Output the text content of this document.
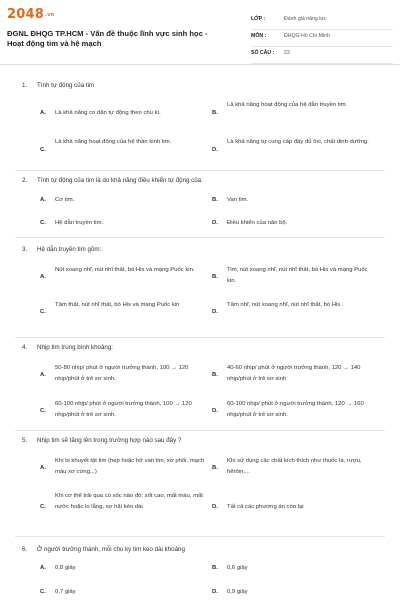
2048.vn
ĐGNL ĐHQG TP.HCM - Vấn đề thuộc lĩnh vực sinh học - Hoạt động tim và hệ mạch
LỚP :	Đánh giá năng lực
MÔN :	ĐHQG Hồ Chí Minh
SỐ CÂU : 23
1. Tính tự động của tim
A. Là khả năng co dãn tự động theo chu kì.	B.
Là khả năng hoạt động của hệ dẫn truyền tim.
C.
Là khả năng hoạt động của hệ thần kinh tim.
D.
Là khả năng tự cung cấp đầy đủ ôxi, chất dinh dưỡng.
2. Tính tự động của tim là do khả năng điều khiển tự động của:
A. Cơ tim.	B. Van tim.
C. Hệ dẫn truyền tim.	D. Điều khiển của não bộ.
3. Hệ dẫn truyền tim gồm:
A.
Nút xoang nhĩ, nút nhĩ thất, bó His và mạng Puốc kin.
B.
Tim, nút xoang nhĩ, nút nhĩ thất, bó His và mạng Puốc kin.
C.
Tâm thất, nút nhĩ thất, bó His và mạng Puốc kin
D.
Tâm nhĩ, nút xoang nhĩ, nút nhĩ thất, bó His .
4. Nhịp tim trung bình khoảng:
A.
50-80 nhịp/ phút ở người trưởng thành, 100 → 120 nhịp/phút ở trẻ sơ sinh.
B.
40-60 nhịp/ phút ở người trưởng thành, 120 → 140 nhịp/phút ở trẻ sơ sinh
C.
60-100 nhịp/ phút ở người trưởng thành, 100 → 120 nhịp/phút ở trẻ sơ sinh.
D.
60-100 nhịp/ phút ở người trưởng thành, 120 → 160 nhịp/phút ở trẻ sơ sinh.
5. Nhịp tim sẽ tăng lên trong trường hợp nào sau đây ?
A.
Khi bị khuyết tật tim (hẹp hoặc hở van tim, xơ phổi, mạch máu xơ cứng...)
B.
Khi sử dụng các chất kích thích như thuốc lá, rượu, hêrôin,...
C.
Khi cơ thể trải qua cú sốc nào đó: sốt cao, mất máu, mất nước hoặc lo lắng, sợ hãi kéo dài	D. Tất cả các phương án còn lại
6. Ở người trưởng thành, mỗi chu kỳ tim kéo dài khoảng
A. 0,8 giây	B. 0,6 giây
C. 0,7 giây	D. 0,9 giây
